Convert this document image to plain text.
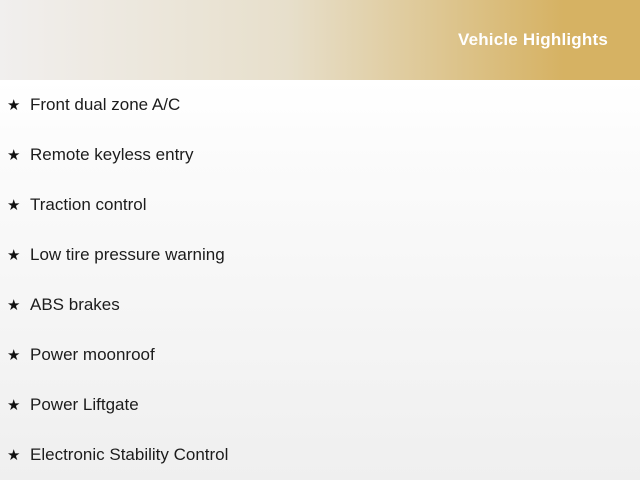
Vehicle Highlights
★ Front dual zone A/C
★ Remote keyless entry
★ Traction control
★ Low tire pressure warning
★ ABS brakes
★ Power moonroof
★ Power Liftgate
★ Electronic Stability Control
